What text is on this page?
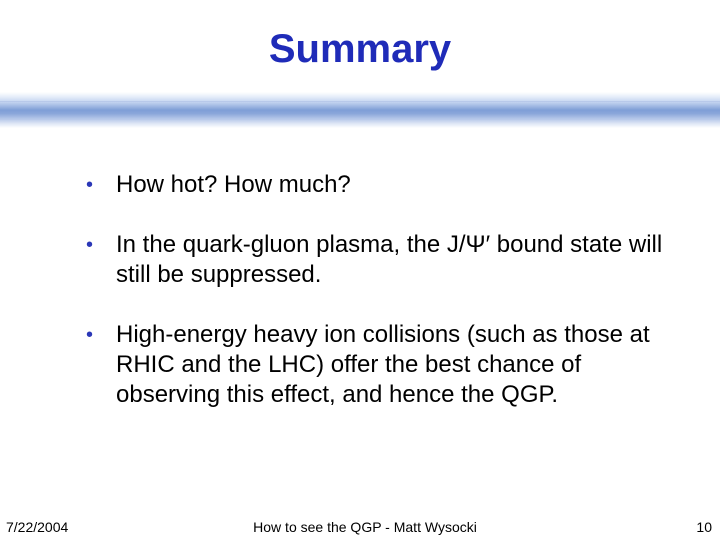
Summary
• How hot? How much?
• In the quark-gluon plasma, the J/Ψ′ bound state will still be suppressed.
• High-energy heavy ion collisions (such as those at RHIC and the LHC) offer the best chance of observing this effect, and hence the QGP.
7/22/2004	How to see the QGP - Matt Wysocki	10
